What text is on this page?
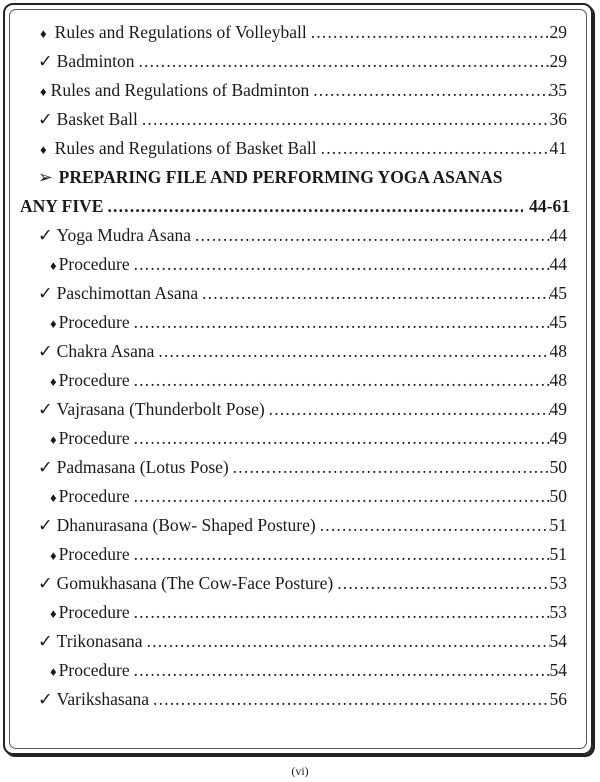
♦ Rules and Regulations of Volleyball .....	29
✓ Badminton .....	29
♦ Rules and Regulations of Badminton .....	35
✓ Basket Ball .....	36
♦ Rules and Regulations of Basket Ball .....	41
➢ PREPARING FILE AND PERFORMING YOGA ASANAS
ANY FIVE .....	44-61
✓ Yoga Mudra Asana .....	44
♦ Procedure .....	44
✓ Paschimottan Asana .....	45
♦ Procedure .....	45
✓ Chakra Asana .....	48
♦ Procedure .....	48
✓ Vajrasana (Thunderbolt Pose) .....	49
♦ Procedure .....	49
✓ Padmasana (Lotus Pose) .....	50
♦ Procedure .....	50
✓ Dhanurasana (Bow- Shaped Posture) .....	51
♦ Procedure .....	51
✓ Gomukhasana (The Cow-Face Posture) .....	53
♦ Procedure .....	53
✓ Trikonasana .....	54
♦ Procedure .....	54
✓ Varikshasana .....	56
(vi)
